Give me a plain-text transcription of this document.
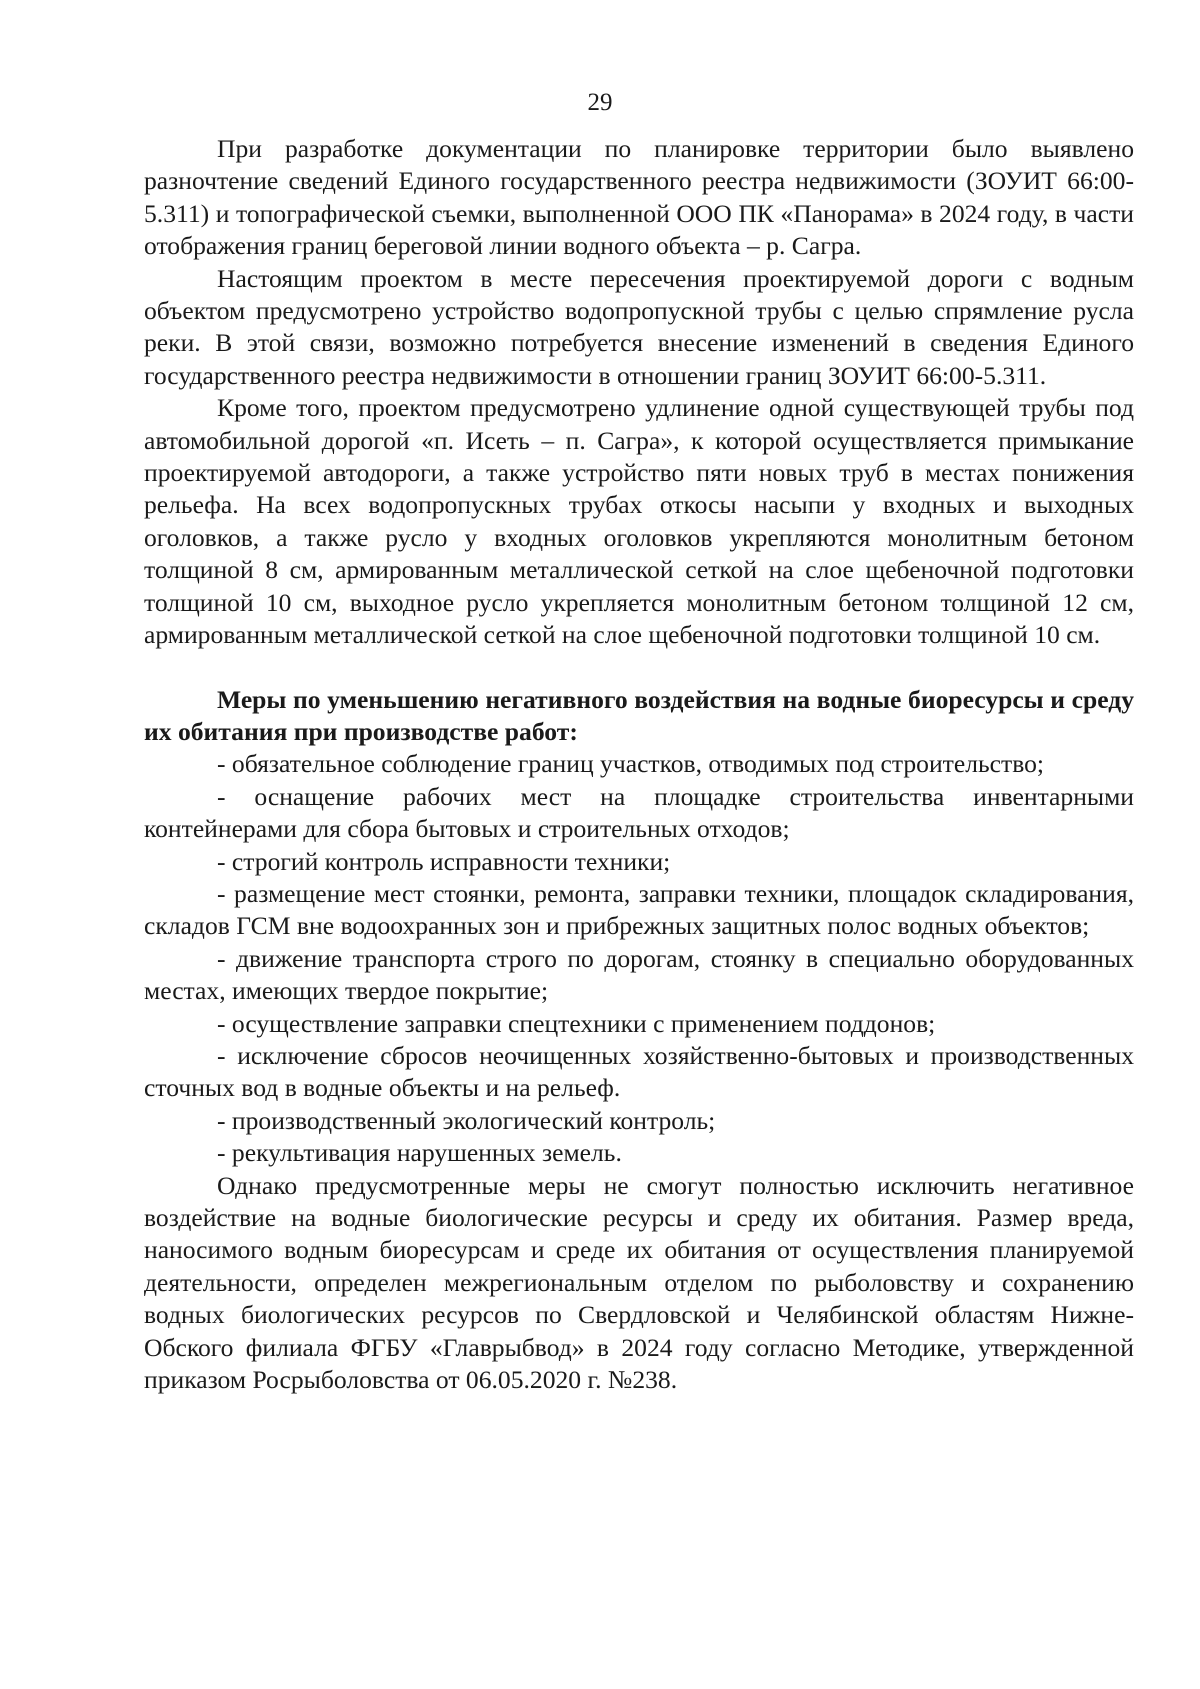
29

При разработке документации по планировке территории было выявлено разночтение сведений Единого государственного реестра недвижимости (ЗОУИТ 66:00-5.311) и топографической съемки, выполненной ООО ПК «Панорама» в 2024 году, в части отображения границ береговой линии водного объекта – р. Сагра.

Настоящим проектом в месте пересечения проектируемой дороги с водным объектом предусмотрено устройство водопропускной трубы с целью спрямление русла реки. В этой связи, возможно потребуется внесение изменений в сведения Единого государственного реестра недвижимости в отношении границ ЗОУИТ 66:00-5.311.

Кроме того, проектом предусмотрено удлинение одной существующей трубы под автомобильной дорогой «п. Исеть – п. Сагра», к которой осуществляется примыкание проектируемой автодороги, а также устройство пяти новых труб в местах понижения рельефа. На всех водопропускных трубах откосы насыпи у входных и выходных оголовков, а также русло у входных оголовков укрепляются монолитным бетоном толщиной 8 см, армированным металлической сеткой на слое щебеночной подготовки толщиной 10 см, выходное русло укрепляется монолитным бетоном толщиной 12 см, армированным металлической сеткой на слое щебеночной подготовки толщиной 10 см.

Меры по уменьшению негативного воздействия на водные биоресурсы и среду их обитания при производстве работ:

- обязательное соблюдение границ участков, отводимых под строительство;

- оснащение рабочих мест на площадке строительства инвентарными контейнерами для сбора бытовых и строительных отходов;

- строгий контроль исправности техники;

- размещение мест стоянки, ремонта, заправки техники, площадок складирования, складов ГСМ вне водоохранных зон и прибрежных защитных полос водных объектов;

- движение транспорта строго по дорогам, стоянку в специально оборудованных местах, имеющих твердое покрытие;

- осуществление заправки спецтехники с применением поддонов;

- исключение сбросов неочищенных хозяйственно-бытовых и производственных сточных вод в водные объекты и на рельеф.

- производственный экологический контроль;

- рекультивация нарушенных земель.

Однако предусмотренные меры не смогут полностью исключить негативное воздействие на водные биологические ресурсы и среду их обитания. Размер вреда, наносимого водным биоресурсам и среде их обитания от осуществления планируемой деятельности, определен межрегиональным отделом по рыболовству и сохранению водных биологических ресурсов по Свердловской и Челябинской областям Нижне-Обского филиала ФГБУ «Главрыбвод» в 2024 году согласно Методике, утвержденной приказом Росрыболовства от 06.05.2020 г. №238.
